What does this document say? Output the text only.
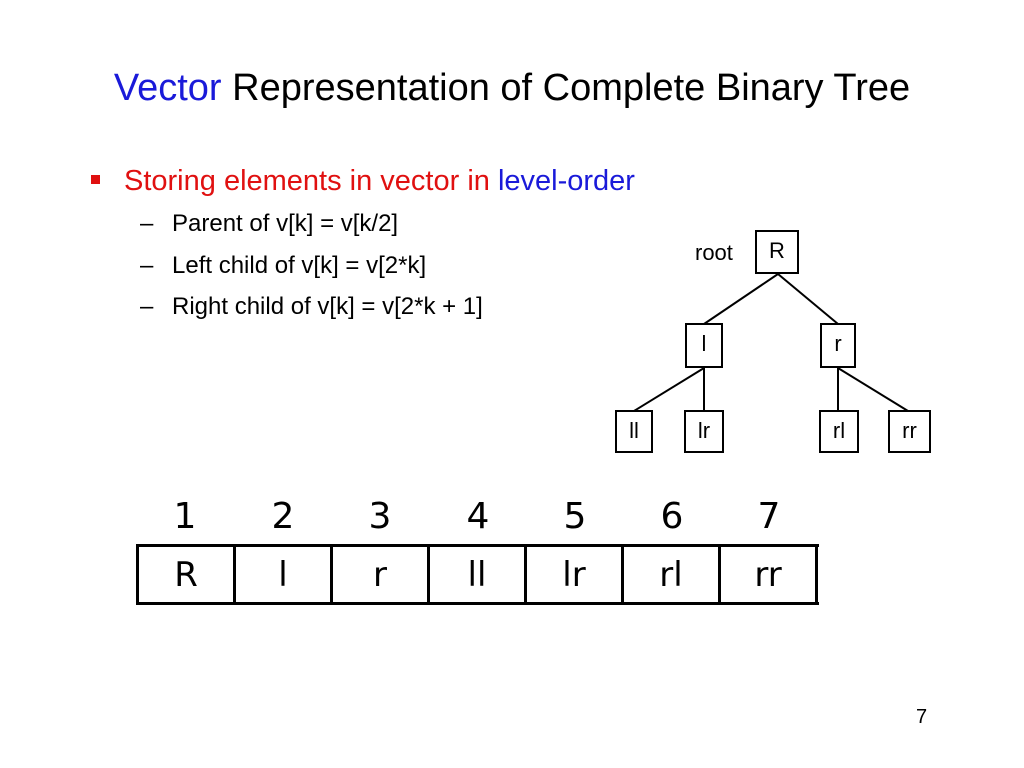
Vector Representation of Complete Binary Tree
Storing elements in vector in level-order
– Parent of v[k] = v[k/2]
– Left child of v[k] = v[2*k]
– Right child of v[k] = v[2*k + 1]
root	R
l	r
ll	lr	rl	rr
1	2	3	4	5	6	7
R	l	r	ll	lr	rl	rr
7
